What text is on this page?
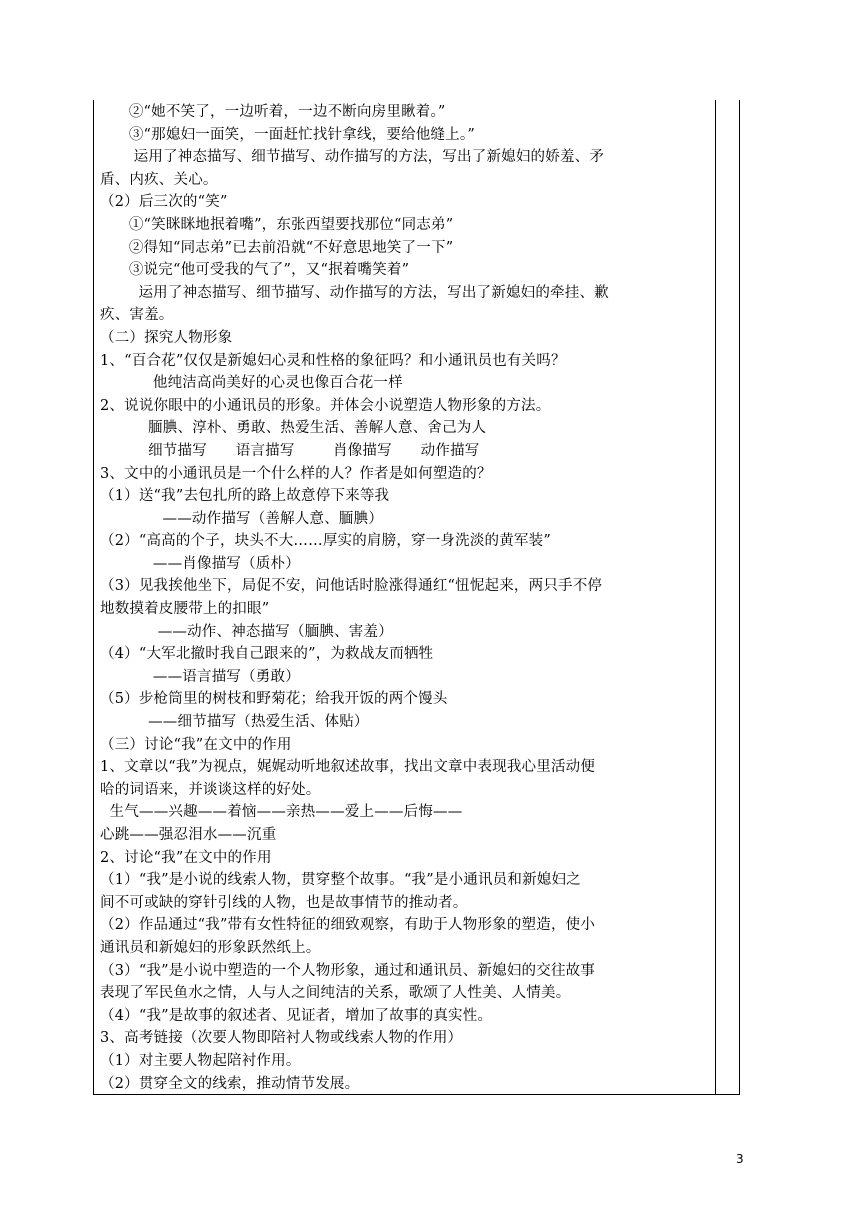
②“她不笑了，一边听着，一边不断向房里瞅着。”
③“那媳妇一面笑，一面赶忙找针拿线，要给他缝上。”
运用了神态描写、细节描写、动作描写的方法，写出了新媳妇的娇羞、矛
盾、内疚、关心。
（2）后三次的“笑”
①“笑眯眯地抿着嘴”，东张西望要找那位“同志弟”
②得知“同志弟”已去前沿就“不好意思地笑了一下”
③说完“他可受我的气了”，又“抿着嘴笑着”
运用了神态描写、细节描写、动作描写的方法，写出了新媳妇的牵挂、歉
疚、害羞。
（二）探究人物形象
1、“百合花”仅仅是新媳妇心灵和性格的象征吗？和小通讯员也有关吗？
他纯洁高尚美好的心灵也像百合花一样
2、说说你眼中的小通讯员的形象。并体会小说塑造人物形象的方法。
腼腆、淳朴、勇敢、热爱生活、善解人意、舍己为人
细节描写      语言描写        肖像描写      动作描写
3、文中的小通讯员是一个什么样的人？作者是如何塑造的？
（1）送“我”去包扎所的路上故意停下来等我
——动作描写（善解人意、腼腆）
（2）“高高的个子，块头不大……厚实的肩膀，穿一身洗淡的黄军装”
——肖像描写（质朴）
（3）见我挨他坐下，局促不安，问他话时脸涨得通红“忸怩起来，两只手不停
地数摸着皮腰带上的扣眼”
——动作、神态描写（腼腆、害羞）
（4）“大军北撤时我自己跟来的”，为救战友而牺牲
——语言描写（勇敢）
（5）步枪筒里的树枝和野菊花；给我开饭的两个馒头
——细节描写（热爱生活、体贴）
（三）讨论“我”在文中的作用
1、文章以“我”为视点，娓娓动听地叙述故事，找出文章中表现我心里活动便
哈的词语来，并谈谈这样的好处。
生气——兴趣——着恼——亲热——爱上——后悔——
心跳——强忍泪水——沉重
2、讨论“我”在文中的作用
（1）“我”是小说的线索人物，贯穿整个故事。“我”是小通讯员和新媳妇之
间不可或缺的穿针引线的人物，也是故事情节的推动者。
（2）作品通过“我”带有女性特征的细致观察，有助于人物形象的塑造，使小
通讯员和新媳妇的形象跃然纸上。
（3）“我”是小说中塑造的一个人物形象，通过和通讯员、新媳妇的交往故事
表现了军民鱼水之情，人与人之间纯洁的关系，歌颂了人性美、人情美。
（4）“我”是故事的叙述者、见证者，增加了故事的真实性。
3、高考链接（次要人物即陪衬人物或线索人物的作用）
（1）对主要人物起陪衬作用。
（2）贯穿全文的线索，推动情节发展。
3
